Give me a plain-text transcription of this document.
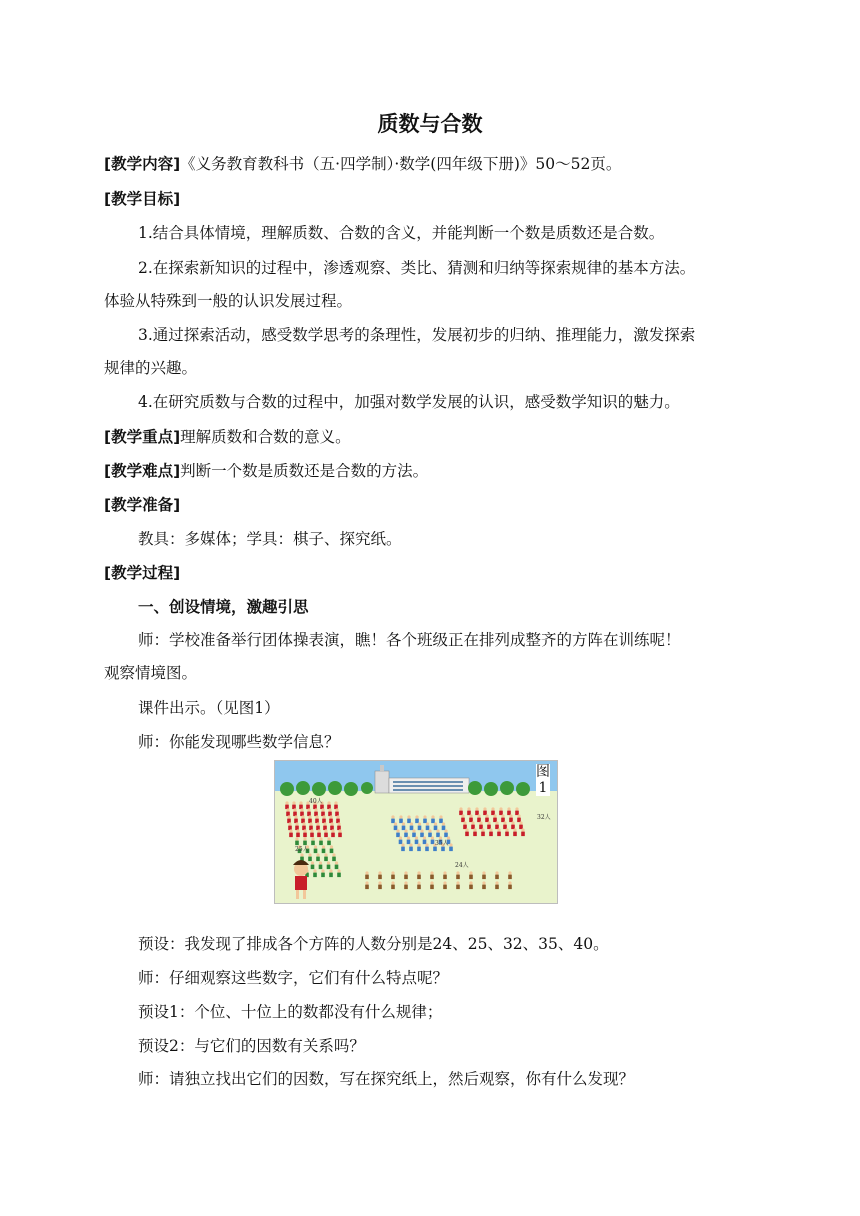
质数与合数
[教学内容]《义务教育教科书（五·四学制）·数学(四年级下册)》50～52页。
[教学目标]
1.结合具体情境，理解质数、合数的含义，并能判断一个数是质数还是合数。
2.在探索新知识的过程中，渗透观察、类比、猜测和归纳等探索规律的基本方法。
体验从特殊到一般的认识发展过程。
3.通过探索活动，感受数学思考的条理性，发展初步的归纳、推理能力，激发探索
规律的兴趣。
4.在研究质数与合数的过程中，加强对数学发展的认识，感受数学知识的魅力。
[教学重点]理解质数和合数的意义。
[教学难点]判断一个数是质数还是合数的方法。
[教学准备]
教具：多媒体；学具：棋子、探究纸。
[教学过程]
一、创设情境，激趣引思
师：学校准备举行团体操表演，瞧！各个班级正在排列成整齐的方阵在训练呢！
观察情境图。
课件出示。（见图1）
师：你能发现哪些数学信息？
40人
32人
25人
35人
24人
图
1
预设：我发现了排成各个方阵的人数分别是24、25、32、35、40。
师：仔细观察这些数字，它们有什么特点呢？
预设1：个位、十位上的数都没有什么规律；
预设2：与它们的因数有关系吗？
师：请独立找出它们的因数，写在探究纸上，然后观察，你有什么发现？
